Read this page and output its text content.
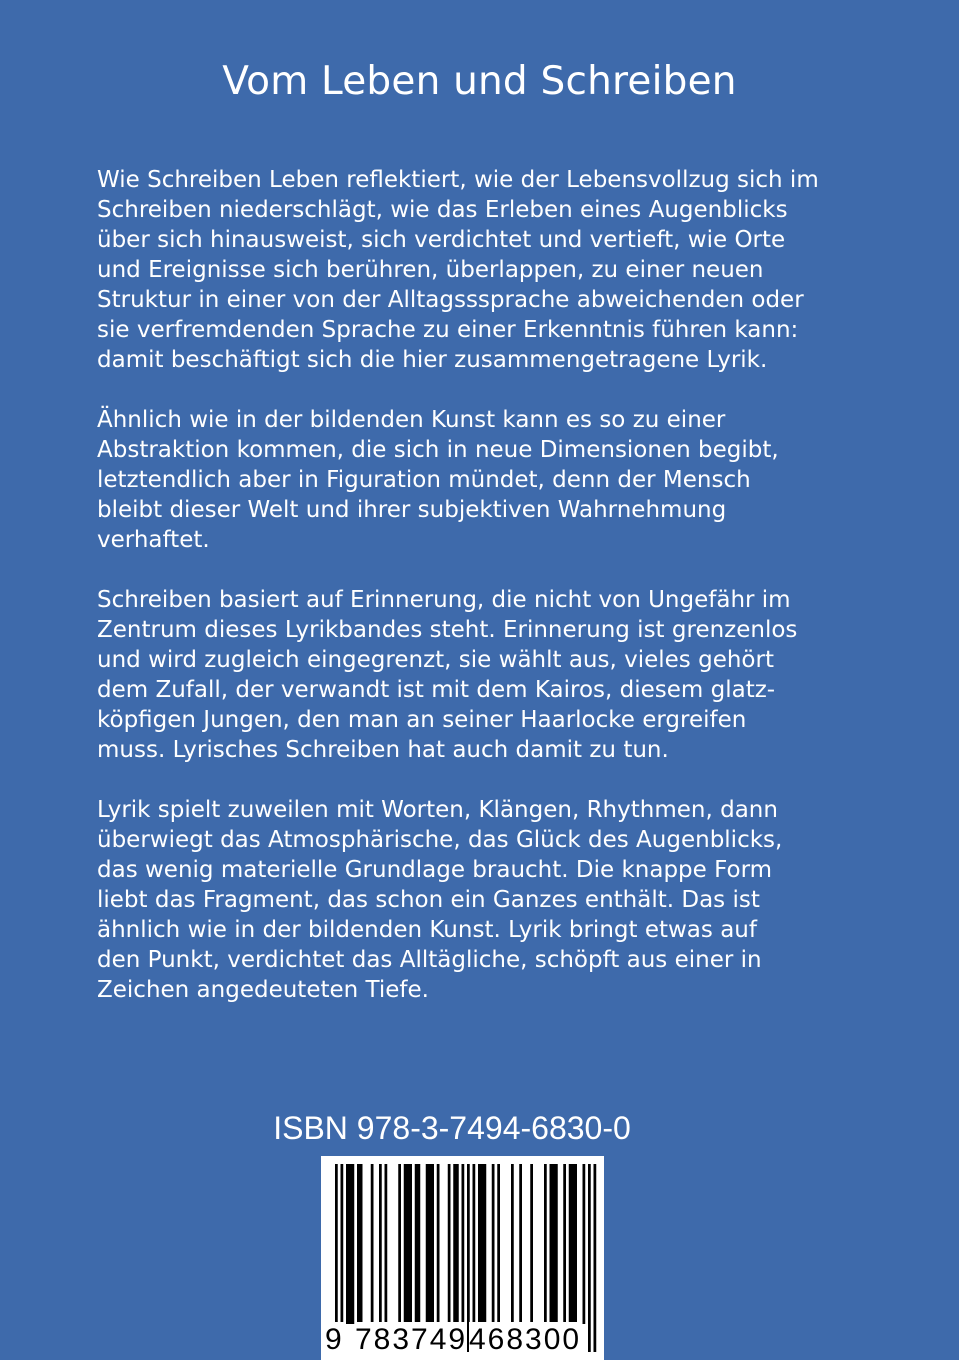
Vom Leben und Schreiben

Wie Schreiben Leben reflektiert, wie der Lebensvollzug sich im
Schreiben niederschlägt, wie das Erleben eines Augenblicks
über sich hinausweist, sich verdichtet und vertieft, wie Orte
und Ereignisse sich berühren, überlappen, zu einer neuen
Struktur in einer von der Alltagsssprache abweichenden oder
sie verfremdenden Sprache zu einer Erkenntnis führen kann:
damit beschäftigt sich die hier zusammengetragene Lyrik.

Ähnlich wie in der bildenden Kunst kann es so zu einer
Abstraktion kommen, die sich in neue Dimensionen begibt,
letztendlich aber in Figuration mündet, denn der Mensch
bleibt dieser Welt und ihrer subjektiven Wahrnehmung
verhaftet.

Schreiben basiert auf Erinnerung, die nicht von Ungefähr im
Zentrum dieses Lyrikbandes steht. Erinnerung ist grenzenlos
und wird zugleich eingegrenzt, sie wählt aus, vieles gehört
dem Zufall, der verwandt ist mit dem Kairos, diesem glatz-
köpfigen Jungen, den man an seiner Haarlocke ergreifen
muss. Lyrisches Schreiben hat auch damit zu tun.

Lyrik spielt zuweilen mit Worten, Klängen, Rhythmen, dann
überwiegt das Atmosphärische, das Glück des Augenblicks,
das wenig materielle Grundlage braucht. Die knappe Form
liebt das Fragment, das schon ein Ganzes enthält. Das ist
ähnlich wie in der bildenden Kunst. Lyrik bringt etwas auf
den Punkt, verdichtet das Alltägliche, schöpft aus einer in
Zeichen angedeuteten Tiefe.

ISBN 978-3-7494-6830-0
9 783749 468300
